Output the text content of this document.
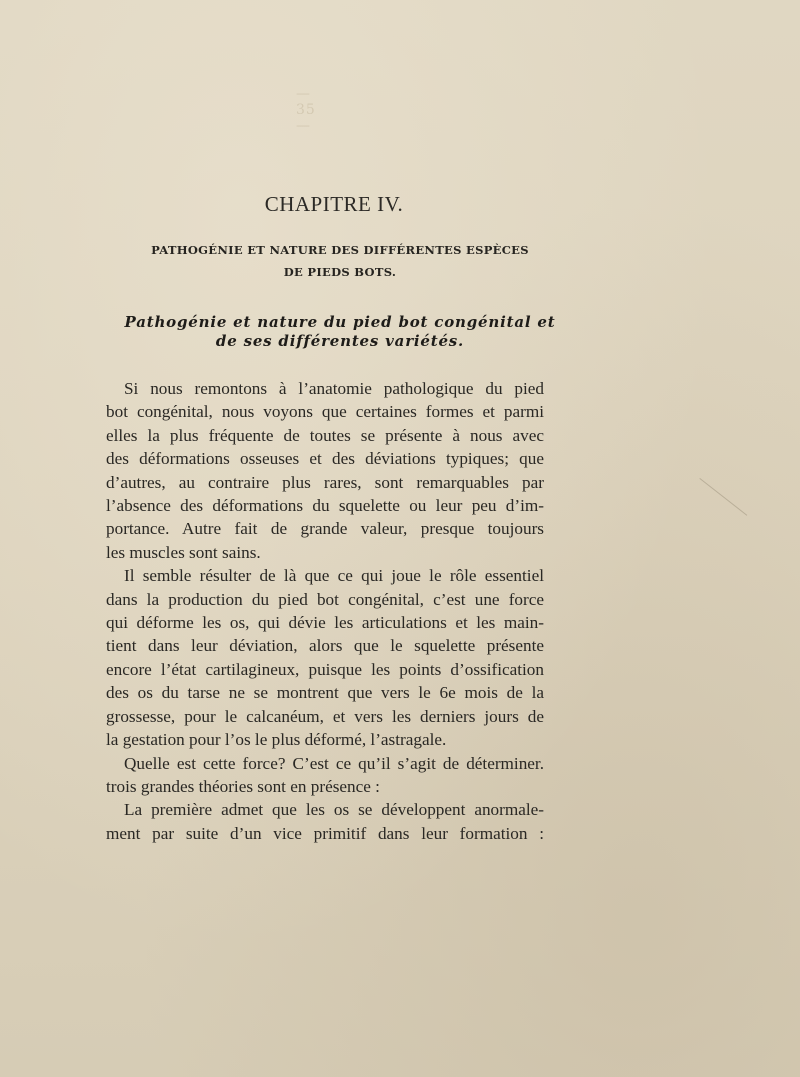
— 35 —
CHAPITRE IV.
PATHOGÉNIE ET NATURE DES DIFFÉRENTES ESPÈCES
DE PIEDS BOTS.
Pathogénie et nature du pied bot congénital et
de ses différentes variétés.
Si nous remontons à l’anatomie pathologique du pied
bot congénital, nous voyons que certaines formes et parmi
elles la plus fréquente de toutes se présente à nous avec
des déformations osseuses et des déviations typiques; que
d’autres, au contraire plus rares, sont remarquables par
l’absence des déformations du squelette ou leur peu d’im-
portance. Autre fait de grande valeur, presque toujours
les muscles sont sains.
Il semble résulter de là que ce qui joue le rôle essentiel
dans la production du pied bot congénital, c’est une force
qui déforme les os, qui dévie les articulations et les main-
tient dans leur déviation, alors que le squelette présente
encore l’état cartilagineux, puisque les points d’ossification
des os du tarse ne se montrent que vers le 6e mois de la
grossesse, pour le calcanéum, et vers les derniers jours de
la gestation pour l’os le plus déformé, l’astragale.
Quelle est cette force? C’est ce qu’il s’agit de déterminer.
trois grandes théories sont en présence :
La première admet que les os se développent anormale-
ment par suite d’un vice primitif dans leur formation :
